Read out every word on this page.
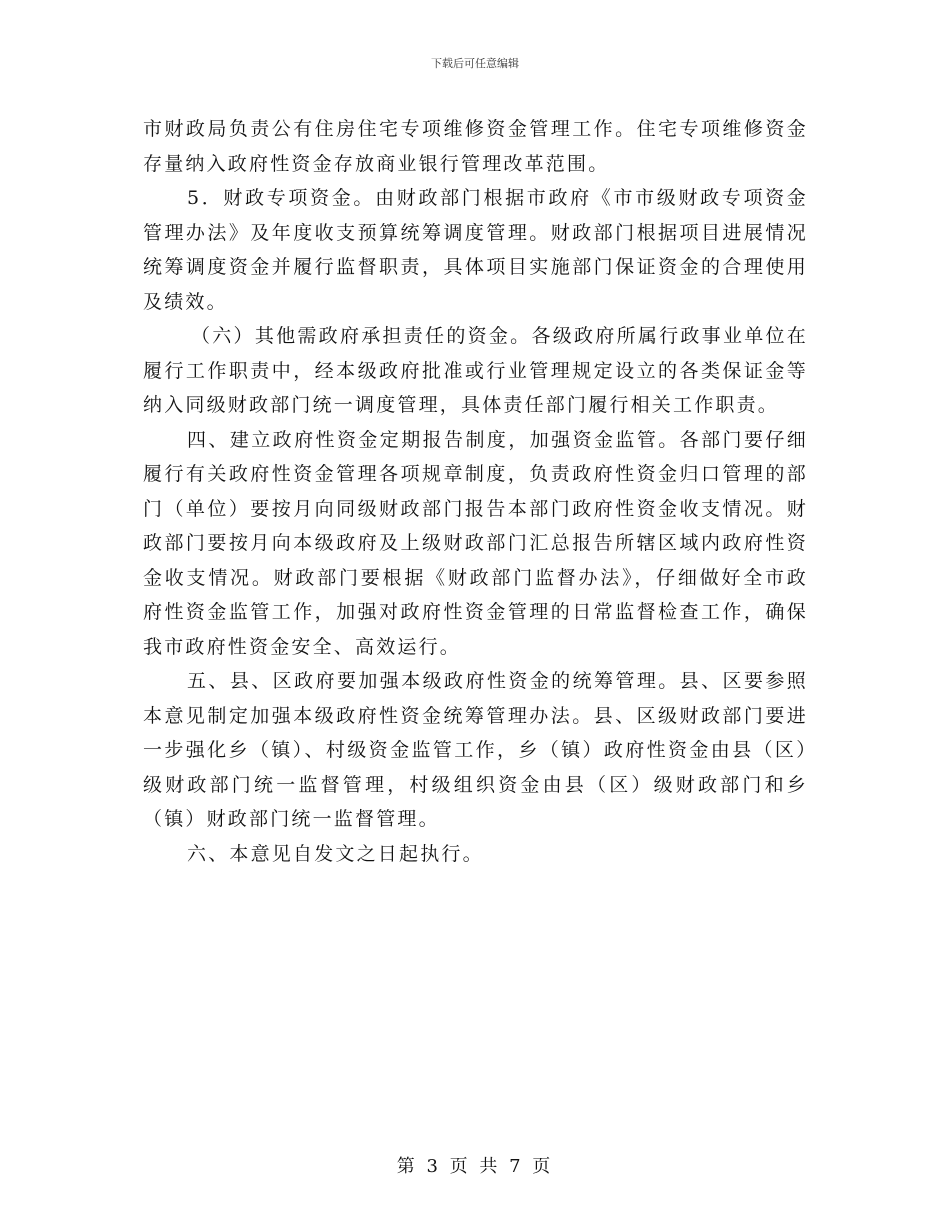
下载后可任意编辑

市财政局负责公有住房住宅专项维修资金管理工作。住宅专项维修资金存量纳入政府性资金存放商业银行管理改革范围。

5．财政专项资金。由财政部门根据市政府《市市级财政专项资金管理办法》及年度收支预算统筹调度管理。财政部门根据项目进展情况统筹调度资金并履行监督职责，具体项目实施部门保证资金的合理使用及绩效。

（六）其他需政府承担责任的资金。各级政府所属行政事业单位在履行工作职责中，经本级政府批准或行业管理规定设立的各类保证金等纳入同级财政部门统一调度管理，具体责任部门履行相关工作职责。

四、建立政府性资金定期报告制度，加强资金监管。各部门要仔细履行有关政府性资金管理各项规章制度，负责政府性资金归口管理的部门（单位）要按月向同级财政部门报告本部门政府性资金收支情况。财政部门要按月向本级政府及上级财政部门汇总报告所辖区域内政府性资金收支情况。财政部门要根据《财政部门监督办法》，仔细做好全市政府性资金监管工作，加强对政府性资金管理的日常监督检查工作，确保我市政府性资金安全、高效运行。

五、县、区政府要加强本级政府性资金的统筹管理。县、区要参照本意见制定加强本级政府性资金统筹管理办法。县、区级财政部门要进一步强化乡（镇）、村级资金监管工作，乡（镇）政府性资金由县（区）级财政部门统一监督管理，村级组织资金由县（区）级财政部门和乡（镇）财政部门统一监督管理。

六、本意见自发文之日起执行。

第 3 页 共 7 页
